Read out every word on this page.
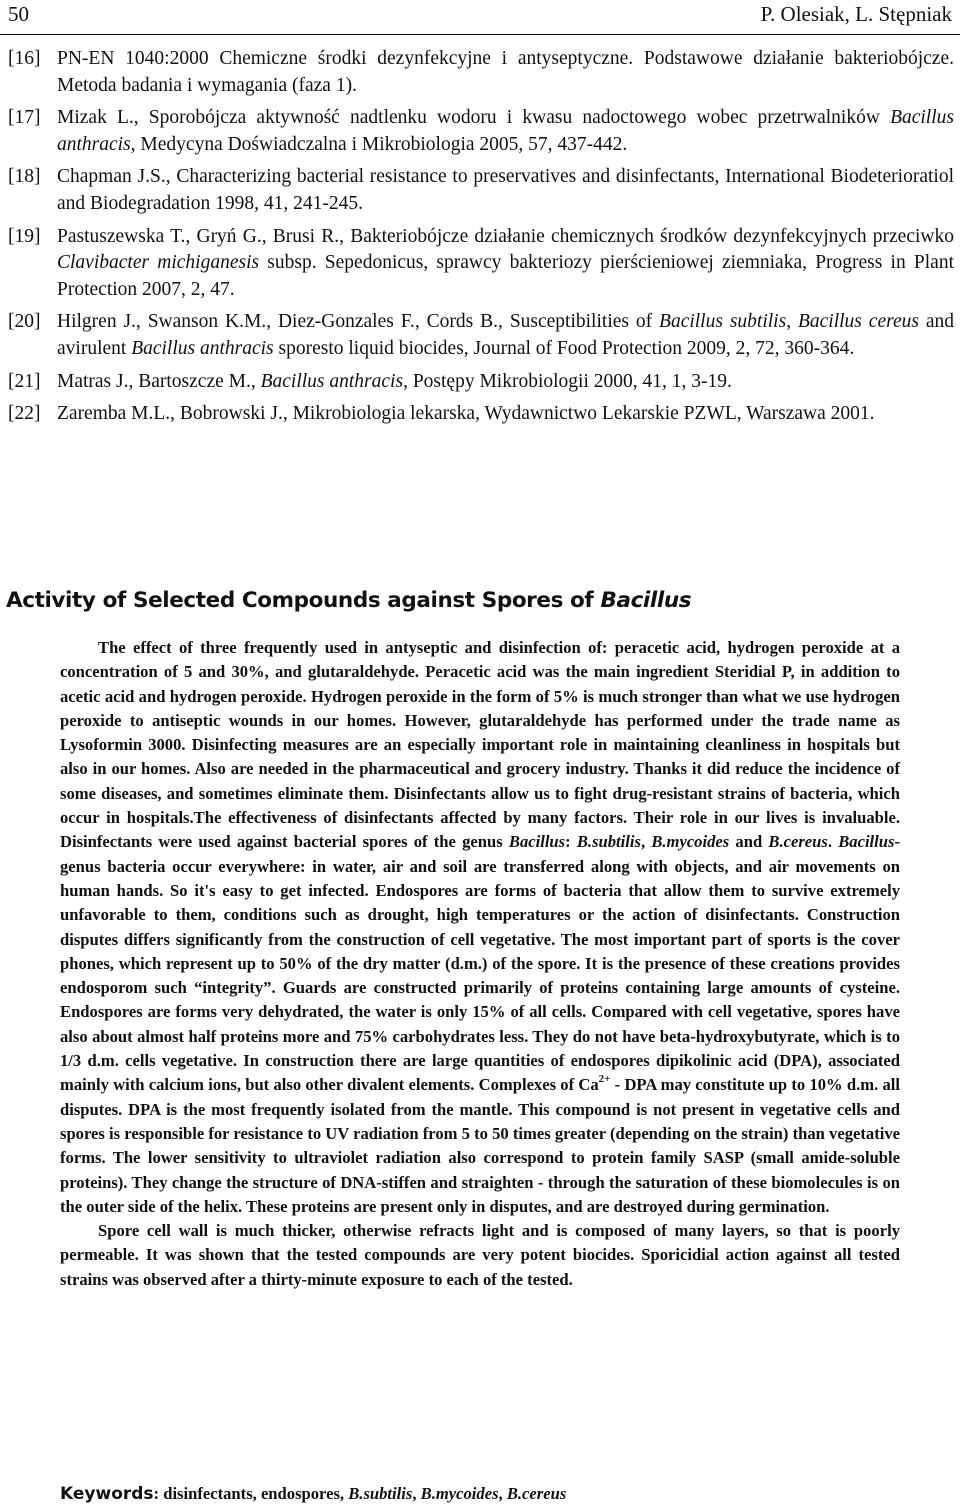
50	P. Olesiak, L. Stępniak
[16] PN-EN 1040:2000 Chemiczne środki dezynfekcyjne i antyseptyczne. Podstawowe działanie bakteriobójcze. Metoda badania i wymagania (faza 1).
[17] Mizak L., Sporobójcza aktywność nadtlenku wodoru i kwasu nadoctowego wobec przetrwalników Bacillus anthracis, Medycyna Doświadczalna i Mikrobiologia 2005, 57, 437-442.
[18] Chapman J.S., Characterizing bacterial resistance to preservatives and disinfectants, International Biodeterioratiol and Biodegradation 1998, 41, 241-245.
[19] Pastuszewska T., Gryń G., Brusi R., Bakteriobójcze działanie chemicznych środków dezynfekcyjnych przeciwko Clavibacter michiganesis subsp. Sepedonicus, sprawcy bakteriozy pierścieniowej ziemniaka, Progress in Plant Protection 2007, 2, 47.
[20] Hilgren J., Swanson K.M., Diez-Gonzales F., Cords B., Susceptibilities of Bacillus subtilis, Bacillus cereus and avirulent Bacillus anthracis sporesto liquid biocides, Journal of Food Protection 2009, 2, 72, 360-364.
[21] Matras J., Bartoszcze M., Bacillus anthracis, Postępy Mikrobiologii 2000, 41, 1, 3-19.
[22] Zaremba M.L., Bobrowski J., Mikrobiologia lekarska, Wydawnictwo Lekarskie PZWL, Warszawa 2001.
Activity of Selected Compounds against Spores of Bacillus

The effect of three frequently used in antyseptic and disinfection of: peracetic acid, hydrogen peroxide at a concentration of 5 and 30%, and glutaraldehyde. Peracetic acid was the main ingredient Steridial P, in addition to acetic acid and hydrogen peroxide. Hydrogen peroxide in the form of 5% is much stronger than what we use hydrogen peroxide to antiseptic wounds in our homes. However, glutaraldehyde has performed under the trade name as Lysoformin 3000. Disinfecting measures are an especially important role in maintaining cleanliness in hospitals but also in our homes. Also are needed in the pharmaceutical and grocery industry. Thanks it did reduce the incidence of some diseases, and sometimes eliminate them. Disinfectants allow us to fight drug-resistant strains of bacteria, which occur in hospitals.The effectiveness of disinfectants affected by many factors. Their role in our lives is invaluable. Disinfectants were used against bacterial spores of the genus Bacillus: B.subtilis, B.mycoides and B.cereus. Bacillus-genus bacteria occur everywhere: in water, air and soil are transferred along with objects, and air movements on human hands. So it's easy to get infected. Endospores are forms of bacteria that allow them to survive extremely unfavorable to them, conditions such as drought, high temperatures or the action of disinfectants. Construction disputes differs significantly from the construction of cell vegetative. The most important part of sports is the cover phones, which represent up to 50% of the dry matter (d.m.) of the spore. It is the presence of these creations provides endosporom such “integrity”. Guards are constructed primarily of proteins containing large amounts of cysteine. Endospores are forms very dehydrated, the water is only 15% of all cells. Compared with cell vegetative, spores have also about almost half proteins more and 75% carbohydrates less. They do not have beta-hydroxybutyrate, which is to 1/3 d.m. cells vegetative. In construction there are large quantities of endospores dipikolinic acid (DPA), associated mainly with calcium ions, but also other divalent elements. Complexes of $Ca^{2+}$ - DPA may constitute up to 10% d.m. all disputes. DPA is the most frequently isolated from the mantle. This compound is not present in vegetative cells and spores is responsible for resistance to UV radiation from 5 to 50 times greater (depending on the strain) than vegetative forms. The lower sensitivity to ultraviolet radiation also correspond to protein family SASP (small amide-soluble proteins). They change the structure of DNA-stiffen and straighten - through the saturation of these biomolecules is on the outer side of the helix. These proteins are present only in disputes, and are destroyed during germination.

Spore cell wall is much thicker, otherwise refracts light and is composed of many layers, so that is poorly permeable. It was shown that the tested compounds are very potent biocides. Sporicidial action against all tested strains was observed after a thirty-minute exposure to each of the tested.

Keywords: disinfectants, endospores, B.subtilis, B.mycoides, B.cereus
